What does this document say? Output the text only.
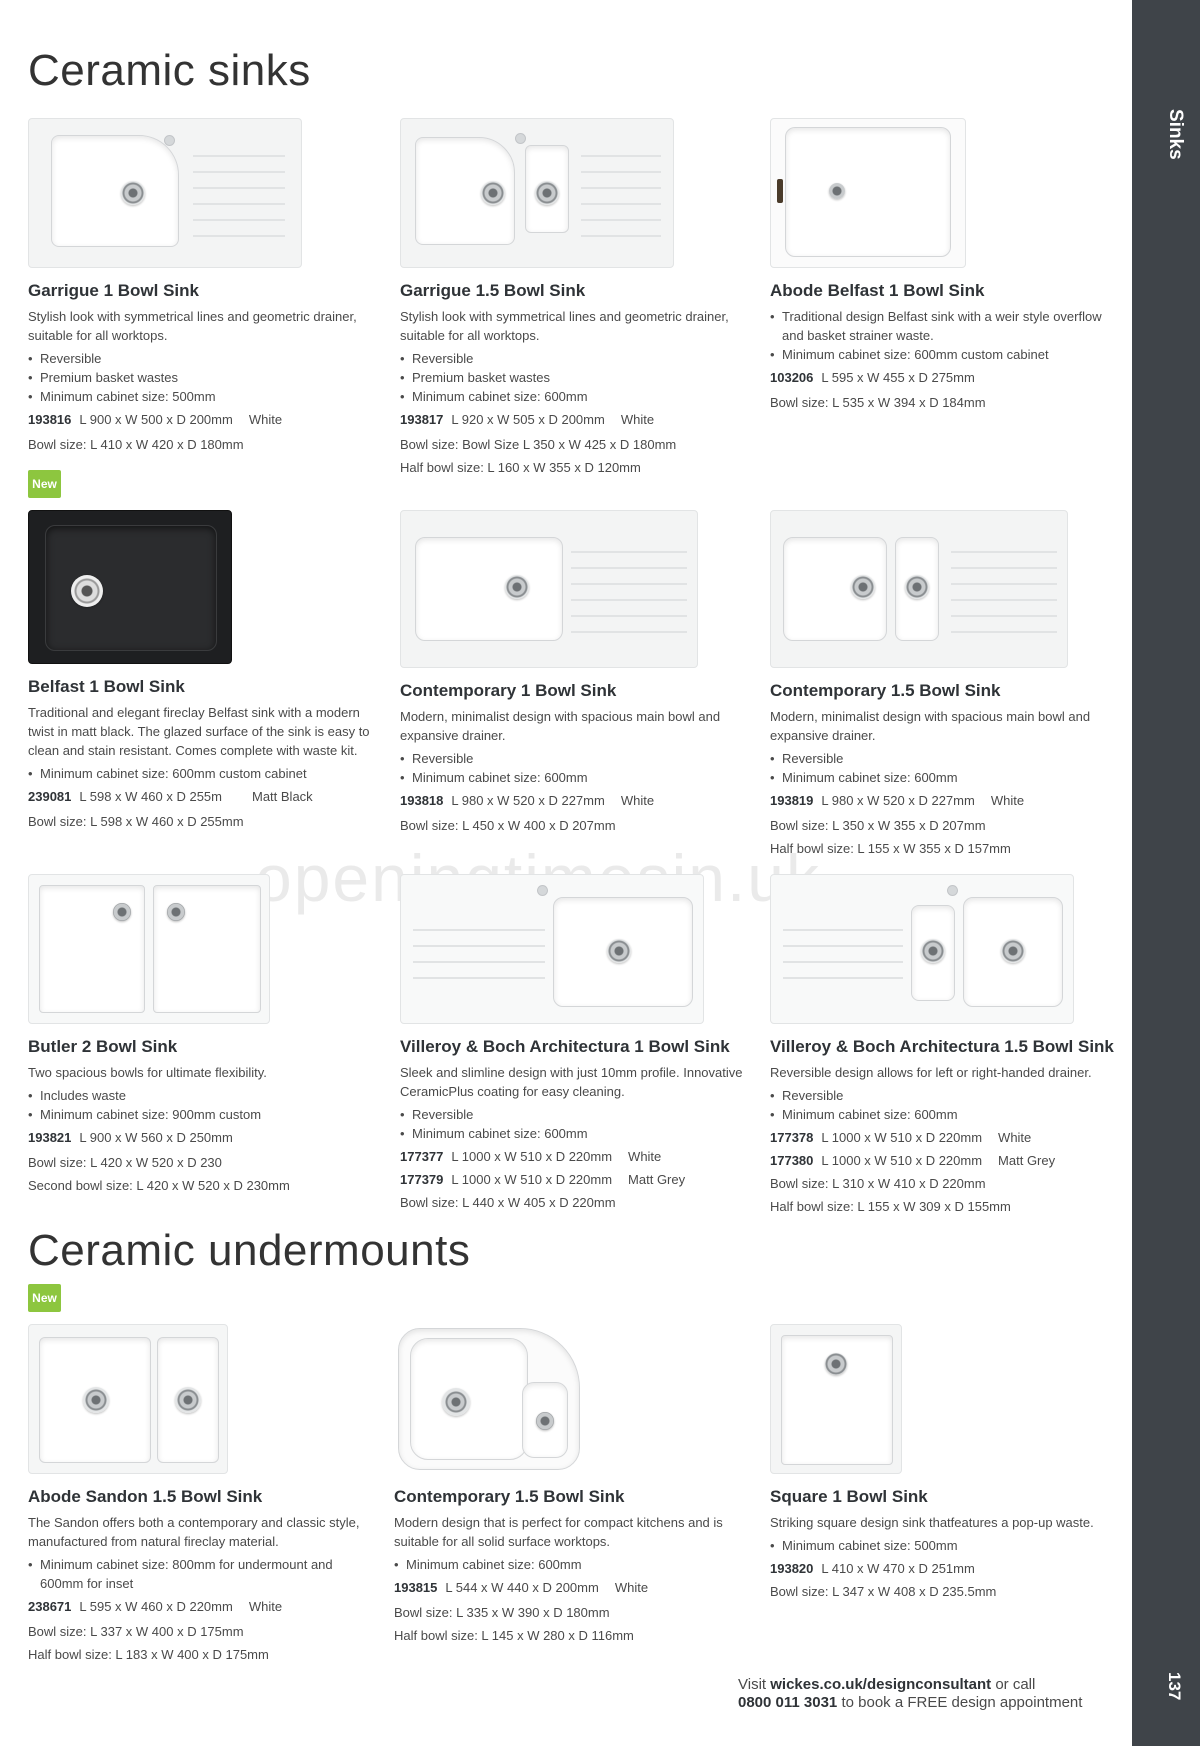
Sinks
137
Ceramic sinks
Ceramic undermounts
New
New
Garrigue 1 Bowl Sink

Stylish look with symmetrical lines and geometric drainer, suitable for all worktops.

• Reversible
• Premium basket wastes
• Minimum cabinet size: 500mm
193816 L 900 x W 500 x D 200mm White
Bowl size: L 410 x W 420 x D 180mm
Garrigue 1.5 Bowl Sink

Stylish look with symmetrical lines and geometric drainer, suitable for all worktops.

• Reversible
• Premium basket wastes
• Minimum cabinet size: 600mm
193817 L 920 x W 505 x D 200mm White
Bowl size: Bowl Size L 350 x W 425 x D 180mm
Half bowl size: L 160 x W 355 x D 120mm
Abode Belfast 1 Bowl Sink
• Traditional design Belfast sink with a weir style overflow and basket strainer waste.
• Minimum cabinet size: 600mm custom cabinet
103206 L 595 x W 455 x D 275mm
Bowl size: L 535 x W 394 x D 184mm
Belfast 1 Bowl Sink

Traditional and elegant fireclay Belfast sink with a modern twist in matt black. The glazed surface of the sink is easy to clean and stain resistant. Comes complete with waste kit.

• Minimum cabinet size: 600mm custom cabinet
239081 L 598 x W 460 x D 255m Matt Black
Bowl size: L 598 x W 460 x D 255mm
Contemporary 1 Bowl Sink

Modern, minimalist design with spacious main bowl and expansive drainer.

• Reversible
• Minimum cabinet size: 600mm
193818 L 980 x W 520 x D 227mm White
Bowl size: L 450 x W 400 x D 207mm
Contemporary 1.5 Bowl Sink

Modern, minimalist design with spacious main bowl and expansive drainer.

• Reversible
• Minimum cabinet size: 600mm
193819 L 980 x W 520 x D 227mm White
Bowl size: L 350 x W 355 x D 207mm
Half bowl size: L 155 x W 355 x D 157mm
Butler 2 Bowl Sink

Two spacious bowls for ultimate flexibility.

• Includes waste
• Minimum cabinet size: 900mm custom
193821 L 900 x W 560 x D 250mm
Bowl size: L 420 x W 520 x D 230
Second bowl size: L 420 x W 520 x D 230mm
Villeroy & Boch Architectura 1 Bowl Sink

Sleek and slimline design with just 10mm profile. Innovative CeramicPlus coating for easy cleaning.

• Reversible
• Minimum cabinet size: 600mm
177377 L 1000 x W 510 x D 220mm White
177379 L 1000 x W 510 x D 220mm Matt Grey
Bowl size: L 440 x W 405 x D 220mm
Villeroy & Boch Architectura 1.5 Bowl Sink

Reversible design allows for left or right-handed drainer.

• Reversible
• Minimum cabinet size: 600mm
177378 L 1000 x W 510 x D 220mm White
177380 L 1000 x W 510 x D 220mm Matt Grey
Bowl size: L 310 x W 410 x D 220mm
Half bowl size: L 155 x W 309 x D 155mm
Abode Sandon 1.5 Bowl Sink

The Sandon offers both a contemporary and classic style, manufactured from natural fireclay material.

• Minimum cabinet size: 800mm for undermount and 600mm for inset
238671 L 595 x W 460 x D 220mm White
Bowl size: L 337 x W 400 x D 175mm
Half bowl size: L 183 x W 400 x D 175mm
Contemporary 1.5 Bowl Sink

Modern design that is perfect for compact kitchens and is suitable for all solid surface worktops.

• Minimum cabinet size: 600mm
193815 L 544 x W 440 x D 200mm White
Bowl size: L 335 x W 390 x D 180mm
Half bowl size: L 145 x W 280 x D 116mm
Square 1 Bowl Sink

Striking square design sink thatfeatures a pop-up waste.

• Minimum cabinet size: 500mm
193820 L 410 x W 470 x D 251mm
Bowl size: L 347 x W 408 x D 235.5mm
Visit wickes.co.uk/designconsultant or call
0800 011 3031 to book a FREE design appointment
